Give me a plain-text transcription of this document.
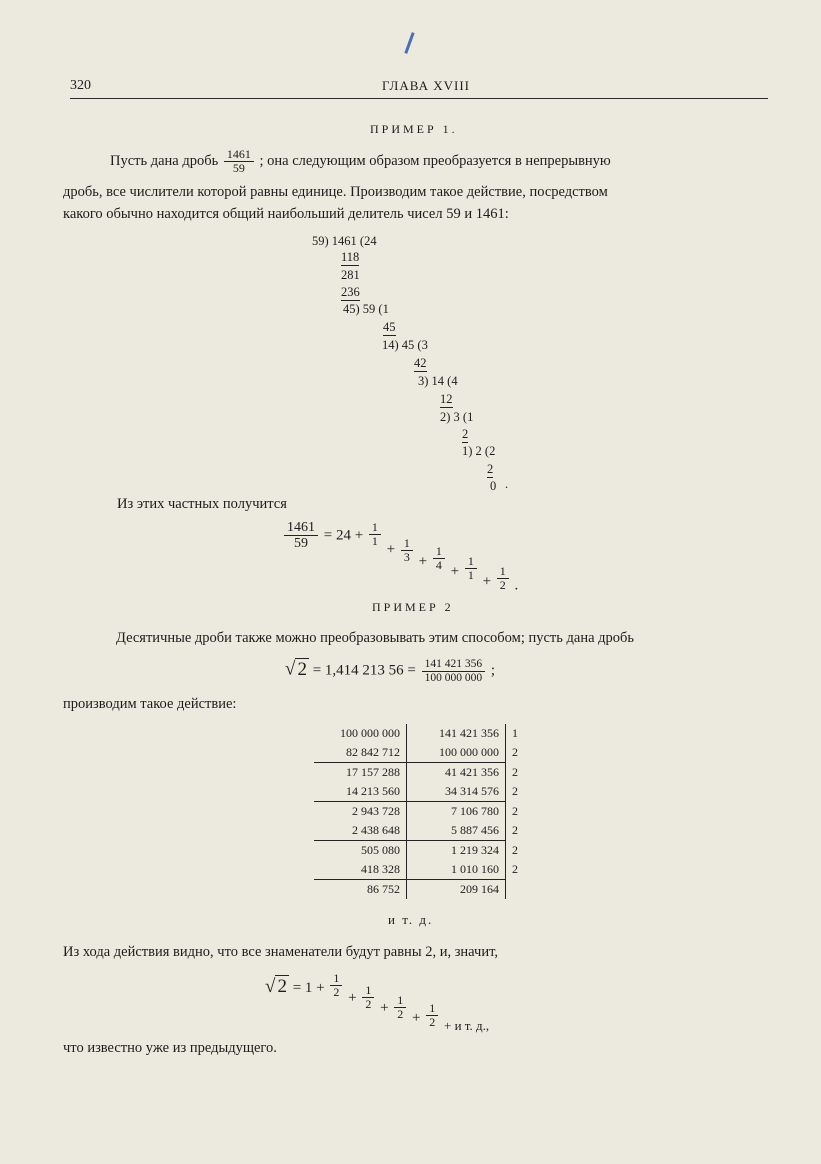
320	ГЛАВА XVIII
ПРИМЕР 1.
Пусть дана дробь $\frac{1461}{59}$ ; она следующим образом преобразуется в непрерывную
дробь, все числители которой равны единице. Производим такое действие, посредством
какого обычно находится общий наибольший делитель чисел 59 и 1461:
59) 1461 (24
118
281
236
45) 59 (1
45
14) 45 (3
42
3) 14 (4
12
2) 3 (1
2
1) 2 (2
2
0 .
Из этих частных получится
$\frac{1461}{59} = 24 + \frac{1}{1}$
+ $\frac{1}{3} + \frac{1}{4} + \frac{1}{1} + \frac{1}{2}$ .
ПРИМЕР 2
Десятичные дроби также можно преобразовывать этим способом; пусть дана дробь
√ 2 = 1,414 213 $56 = \frac{141 421 356}{100 000 000}$ ;
производим такое действие:
100 000 000	141 421 356	1
82 842 712	100 000 000	2
17 157 288	41 421 356	2
14 213 560	34 314 576	2
2 943 728	7 106 780	2
2 438 648	5 887 456	2
505 080	1 219 324	2
418 328	1 010 160	2
86 752	209 164	
и т. д.
Из хода действия видно, что все знаменатели будут равны 2, и, значит,
√ $2 = 1 + \frac{1}{2} + \frac{1}{2} + \frac{1}{2} + \frac{1}{2} + и$ т. д.,
что известно уже из предыдущего.
